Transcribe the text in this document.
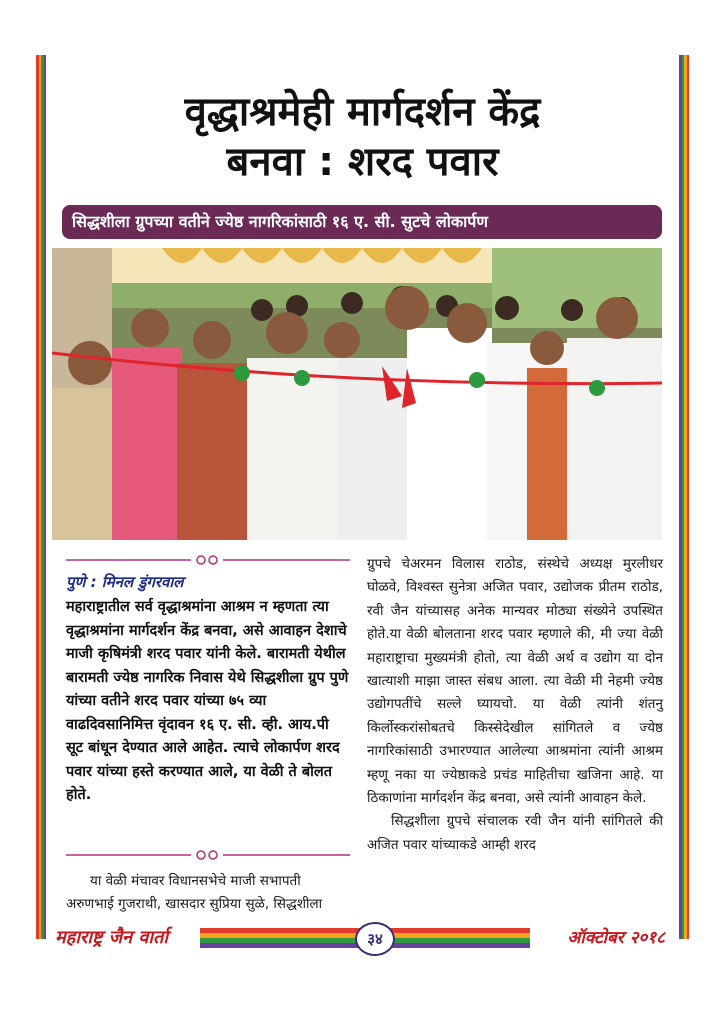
वृद्धाश्रमेही मार्गदर्शन केंद्र
बनवा : शरद पवार
सिद्धशीला ग्रुपच्या वतीने ज्येष्ठ नागरिकांसाठी १६ ए. सी. सुटचे लोकार्पण
पुणे : मिनल डुंगरवाल
महाराष्ट्रातील सर्व वृद्धाश्रमांना आश्रम न म्हणता त्या वृद्धाश्रमांना मार्गदर्शन केंद्र बनवा, असे आवाहन देशाचे माजी कृषिमंत्री शरद पवार यांनी केले. बारामती येथील बारामती ज्येष्ठ नागरिक निवास येथे सिद्धशीला ग्रुप पुणे यांच्या वतीने शरद पवार यांच्या ७५ व्या वाढदिवसानिमित्त वृंदावन १६ ए. सी. व्ही. आय.पी सूट बांधून देण्यात आले आहेत. त्याचे लोकार्पण शरद पवार यांच्या हस्ते करण्यात आले, या वेळी ते बोलत होते.
या वेळी मंचावर विधानसभेचे माजी सभापती अरुणभाई गुजराथी, खासदार सुप्रिया सुळे, सिद्धशीला
ग्रुपचे चेअरमन विलास राठोड, संस्थेचे अध्यक्ष मुरलीधर घोळवे, विश्वस्त सुनेत्रा अजित पवार, उद्योजक प्रीतम राठोड, रवी जैन यांच्यासह अनेक मान्यवर मोठ्या संख्येने उपस्थित होते.या वेळी बोलताना शरद पवार म्हणाले की, मी ज्या वेळी महाराष्ट्राचा मुख्यमंत्री होतो, त्या वेळी अर्थ व उद्योग या दोन खात्याशी माझा जास्त संबध आला. त्या वेळी मी नेहमी ज्येष्ठ उद्योगपतींचे सल्ले घ्यायचो. या वेळी त्यांनी शंतनु किर्लोस्करांसोबतचे किस्सेदेखील सांगितले व ज्येष्ठ नागरिकांसाठी उभारण्यात आलेल्या आश्रमांना त्यांनी आश्रम म्हणू नका या ज्येष्ठाकडे प्रचंड माहितीचा खजिना आहे. या ठिकाणांना मार्गदर्शन केंद्र बनवा, असे त्यांनी आवाहन केले.
सिद्धशीला ग्रुपचे संचालक रवी जैन यांनी सांगितले की अजित पवार यांच्याकडे आम्ही शरद
महाराष्ट्र जैन वार्ता	३४	ऑक्टोबर २०१८
